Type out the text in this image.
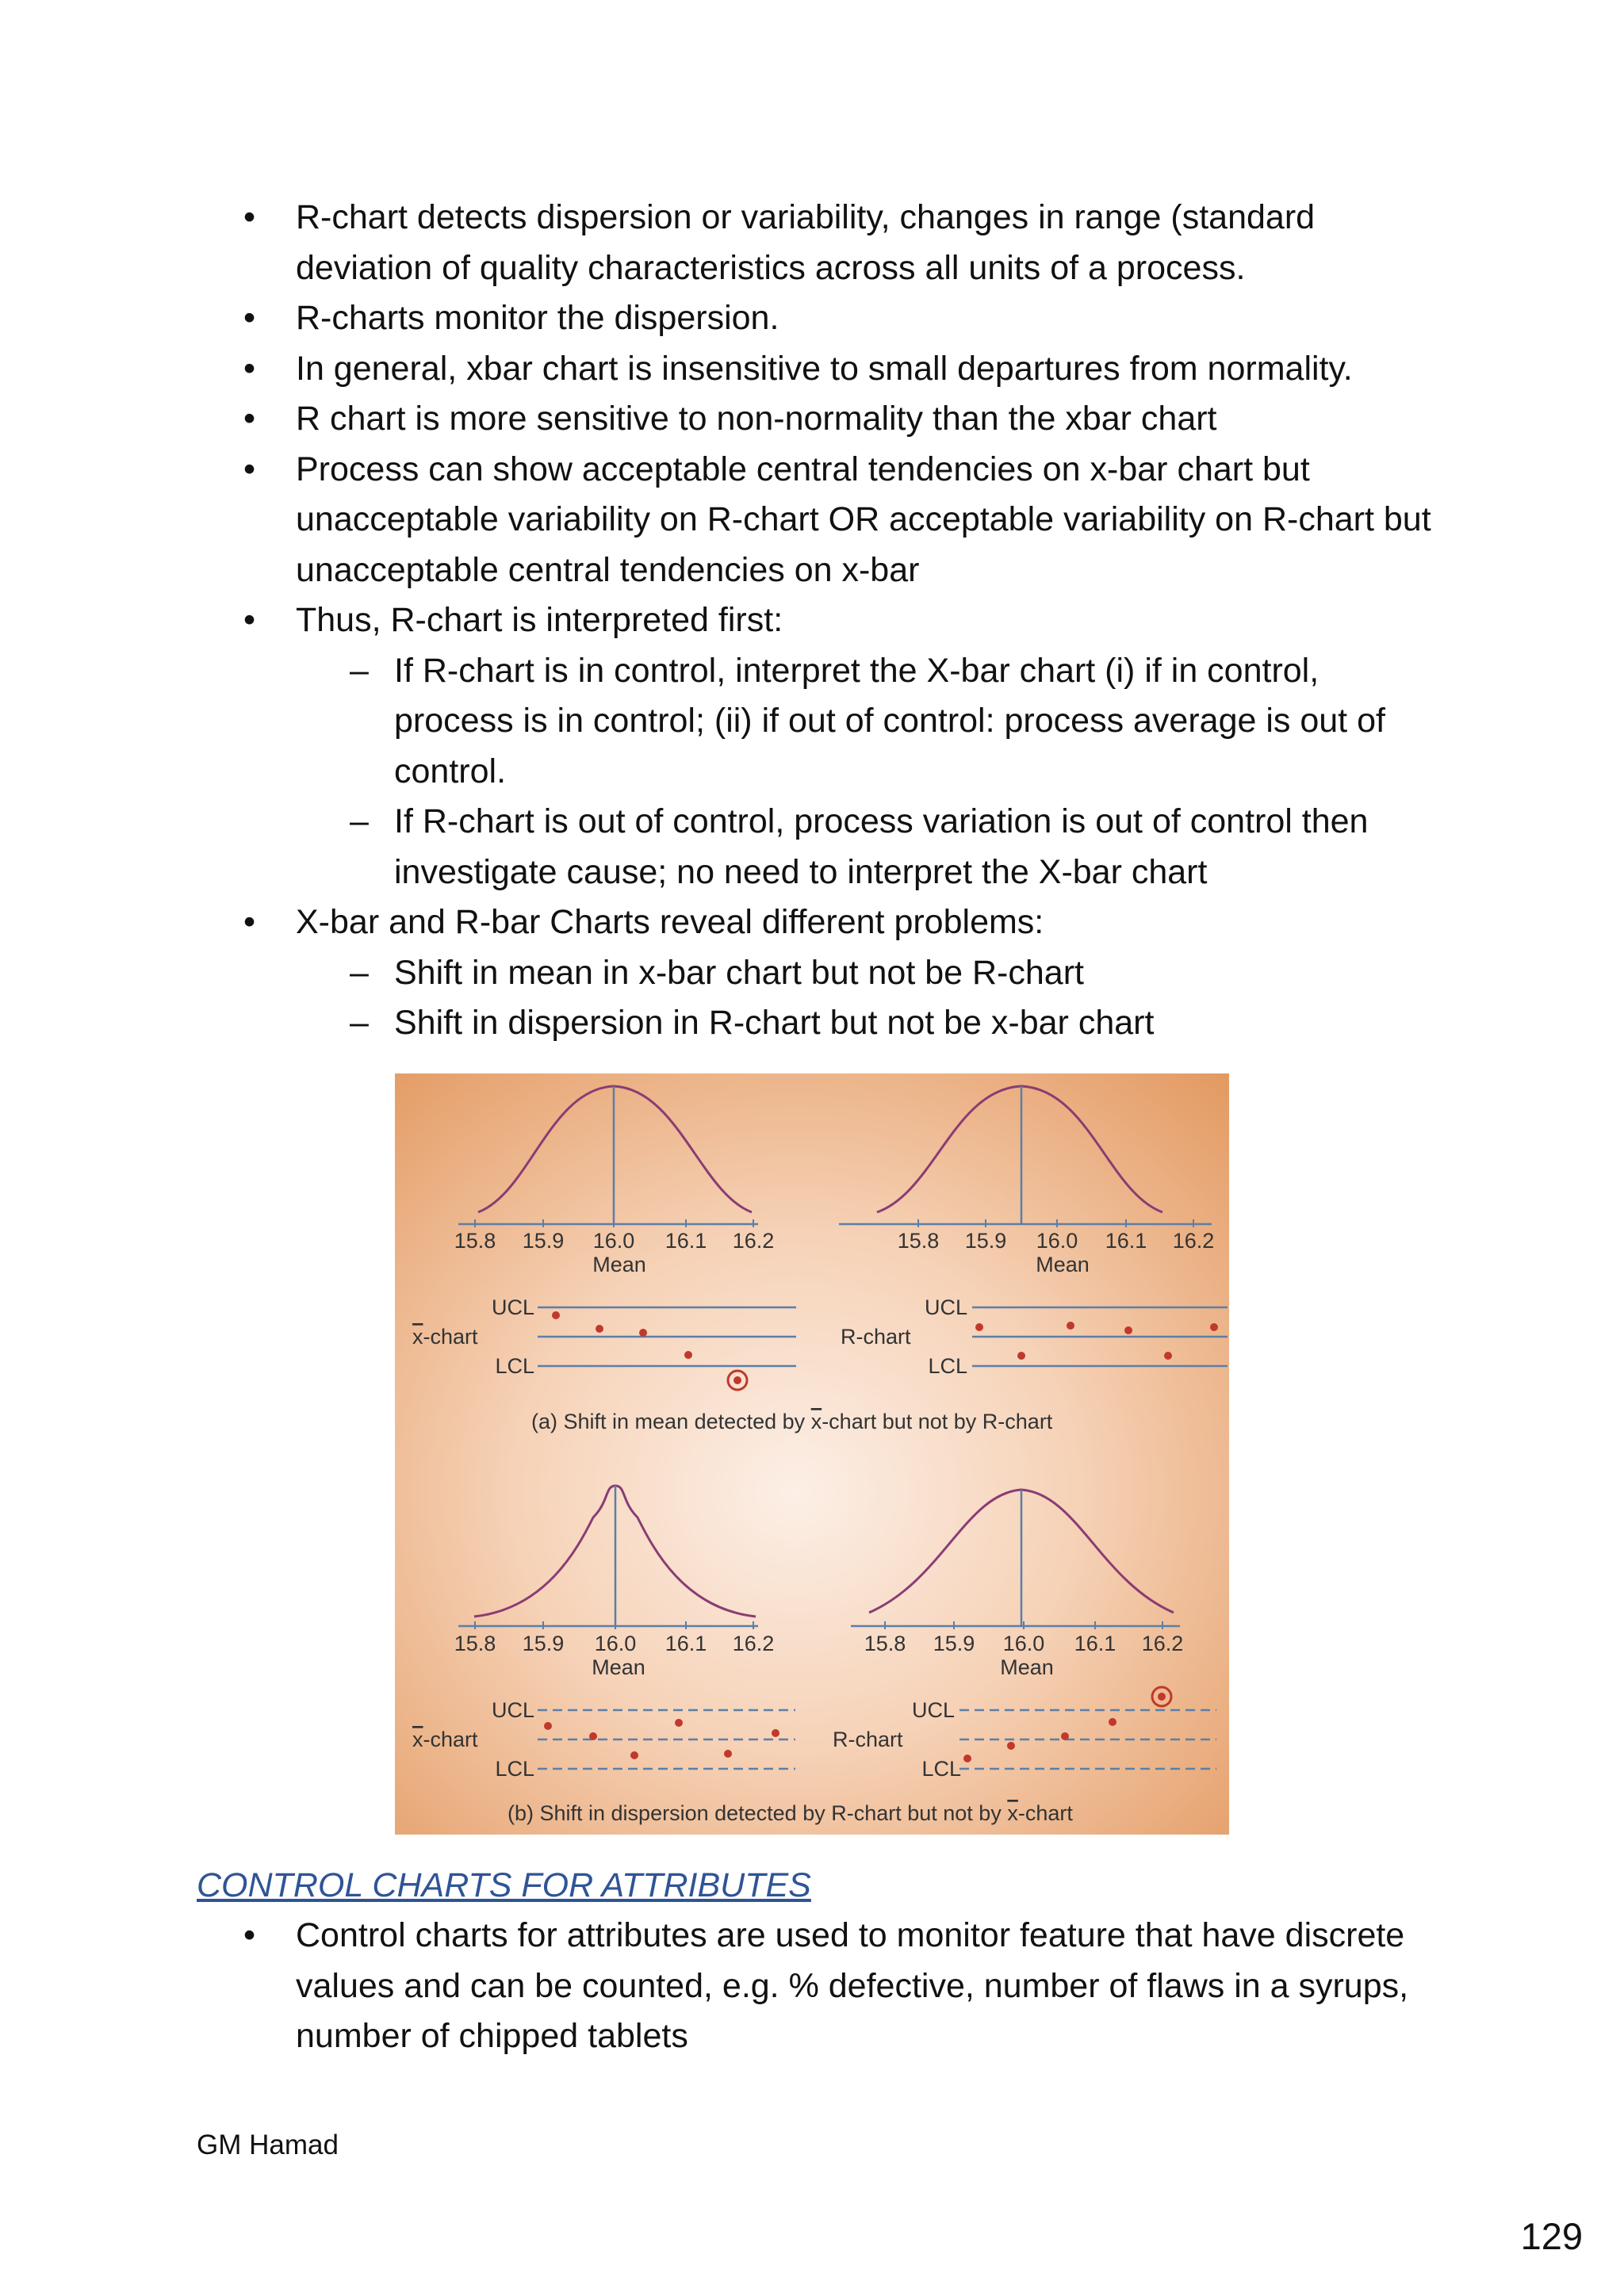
• R-chart detects dispersion or variability, changes in range (standard deviation of quality characteristics across all units of a process.
• R-charts monitor the dispersion.
• In general, xbar chart is insensitive to small departures from normality.
• R chart is more sensitive to non-normality than the xbar chart
• Process can show acceptable central tendencies on x-bar chart but unacceptable variability on R-chart OR acceptable variability on R-chart but unacceptable central tendencies on x-bar
• Thus, R-chart is interpreted first:
– If R-chart is in control, interpret the X-bar chart (i) if in control, process is in control; (ii) if out of control: process average is out of control.
– If R-chart is out of control, process variation is out of control then investigate cause; no need to interpret the X-bar chart
• X-bar and R-bar Charts reveal different problems:
– Shift in mean in x-bar chart but not be R-chart
– Shift in dispersion in R-chart but not be x-bar chart
15.8 15.9 16.0 16.1 16.2
Mean
UCL
LCL
x-chart
15.8 15.9 16.0 16.1 16.2
Mean
UCL
LCL
R-chart
(a) Shift in mean detected by x-chart but not by R-chart
15.8 15.9 16.0 16.1 16.2
Mean
UCL
LCL
x-chart
15.8 15.9 16.0 16.1 16.2
Mean
UCL
LCL
R-chart
(b) Shift in dispersion detected by R-chart but not by x-chart
CONTROL CHARTS FOR ATTRIBUTES
• Control charts for attributes are used to monitor feature that have discrete values and can be counted, e.g. % defective, number of flaws in a syrups, number of chipped tablets
GM Hamad
129
